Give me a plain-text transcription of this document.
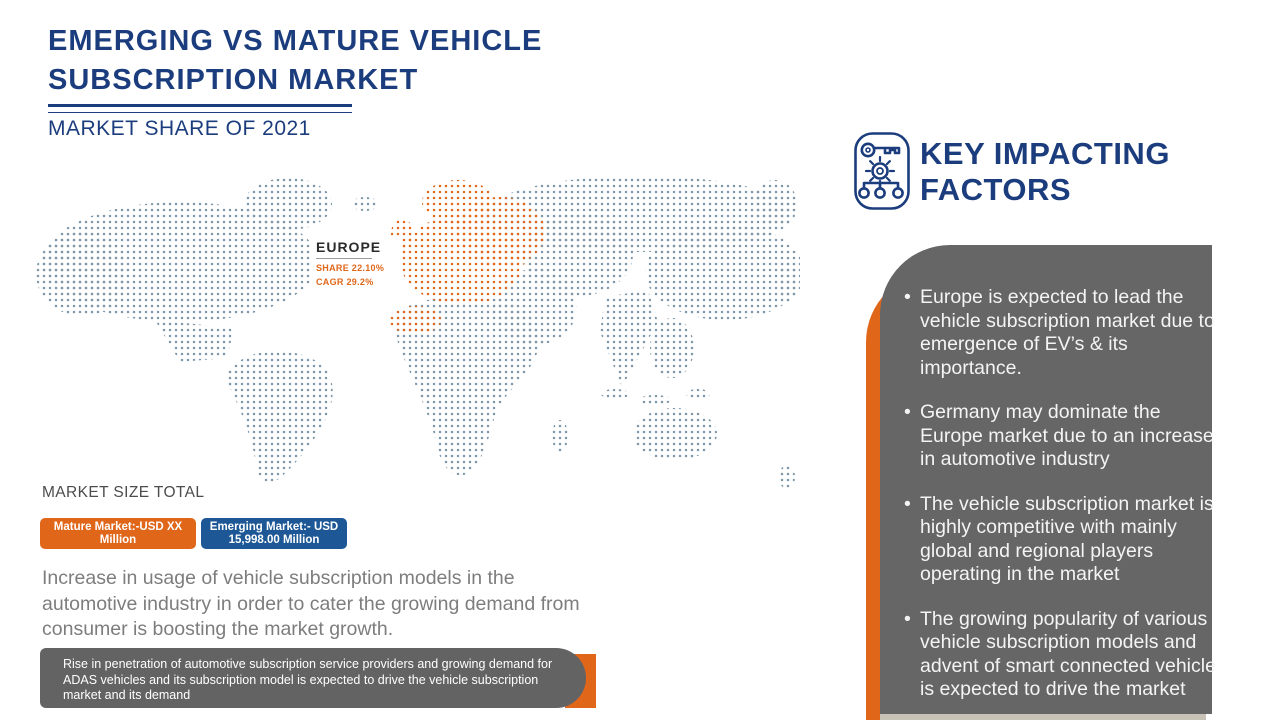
EMERGING VS MATURE VEHICLE SUBSCRIPTION MARKET
MARKET SHARE OF 2021
EUROPE
SHARE 22.10%
CAGR 29.2%
MARKET SIZE TOTAL
Mature Market:-USD XX Million
Emerging Market:- USD 15,998.00 Million
Increase in usage of vehicle subscription models in the automotive industry in order to cater the growing demand from consumer is boosting the market growth.
Rise in penetration of automotive subscription service providers and growing demand for ADAS vehicles and its subscription model is expected to drive the vehicle subscription market and its demand
KEY IMPACTING FACTORS
• Europe is expected to lead the vehicle subscription market due to emergence of EV’s & its importance.
• Germany may dominate the Europe market due to an increase in automotive industry
• The vehicle subscription market is highly competitive with mainly global and regional players operating in the market
• The growing popularity of various vehicle subscription models and advent of smart connected vehicle is expected to drive the market
